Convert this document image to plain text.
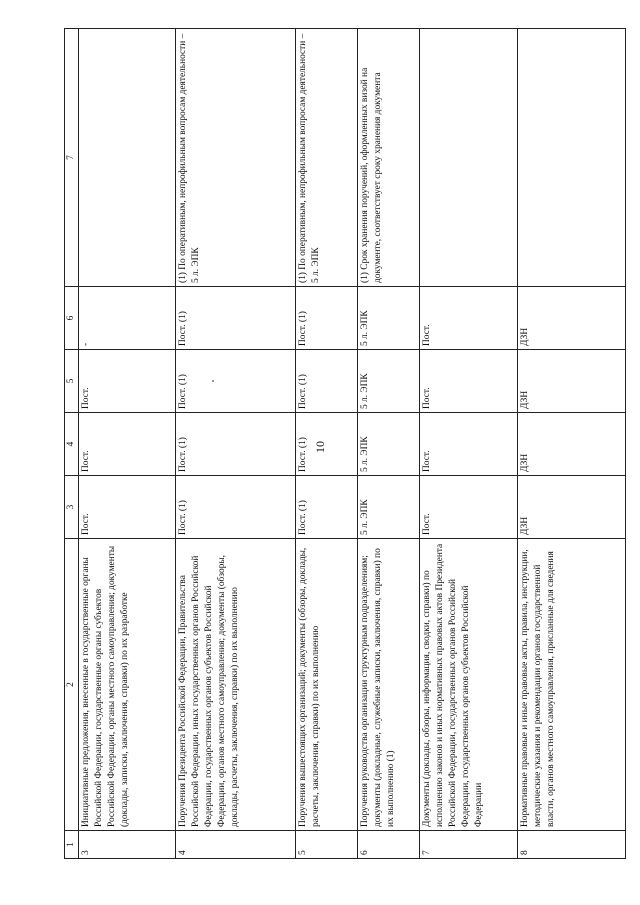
10
1	2	3	4	5	6	7
3	Инициативные предложения, внесенные в государственные органы Российской Федерации, государственные органы субъектов Российской Федерации, органы местного самоуправления; документы (доклады, записки, заключения, справки) по их разработке	Пост.	Пост.	Пост.	-	
4	Поручения Президента Российской Федерации, Правительства Российской Федерации, иных государственных органов Российской Федерации, государственных органов субъектов Российской Федерации, органов местного самоуправления; документы (обзоры, доклады, расчеты, заключения, справки) по их выполнению	Пост. (1)	Пост. (1)	Пост. (1)	Пост. (1)	(1) По оперативным, непрофильным вопросам деятельности – 5 л. ЭПК
5	Поручения вышестоящих организаций; документы (обзоры, доклады, расчеты, заключения, справки) по их выполнению	Пост. (1)	Пост. (1)	Пост. (1)	Пост. (1)	(1) По оперативным, непрофильным вопросам деятельности – 5 л. ЭПК
6	Поручения руководства организации структурным подразделениям; документы (докладные, служебные записки, заключения, справки) по их выполнению (1)	5 л. ЭПК	5 л. ЭПК	5 л. ЭПК	5 л. ЭПК	(1) Срок хранения поручений, оформленных визой на документе, соответствует сроку хранения документа
7	Документы (доклады, обзоры, информация, сводки, справки) по исполнению законов и иных нормативных правовых актов Президента Российской Федерации, государственных органов Российской Федерации, государственных органов субъектов Российской Федерации	Пост.	Пост.	Пост.	Пост.	
8	Нормативные правовые и иные правовые акты, правила, инструкции, методические указания и рекомендации органов государственной власти, органов местного самоуправления, присланные для сведения	ДЗН	ДЗН	ДЗН	ДЗН	
